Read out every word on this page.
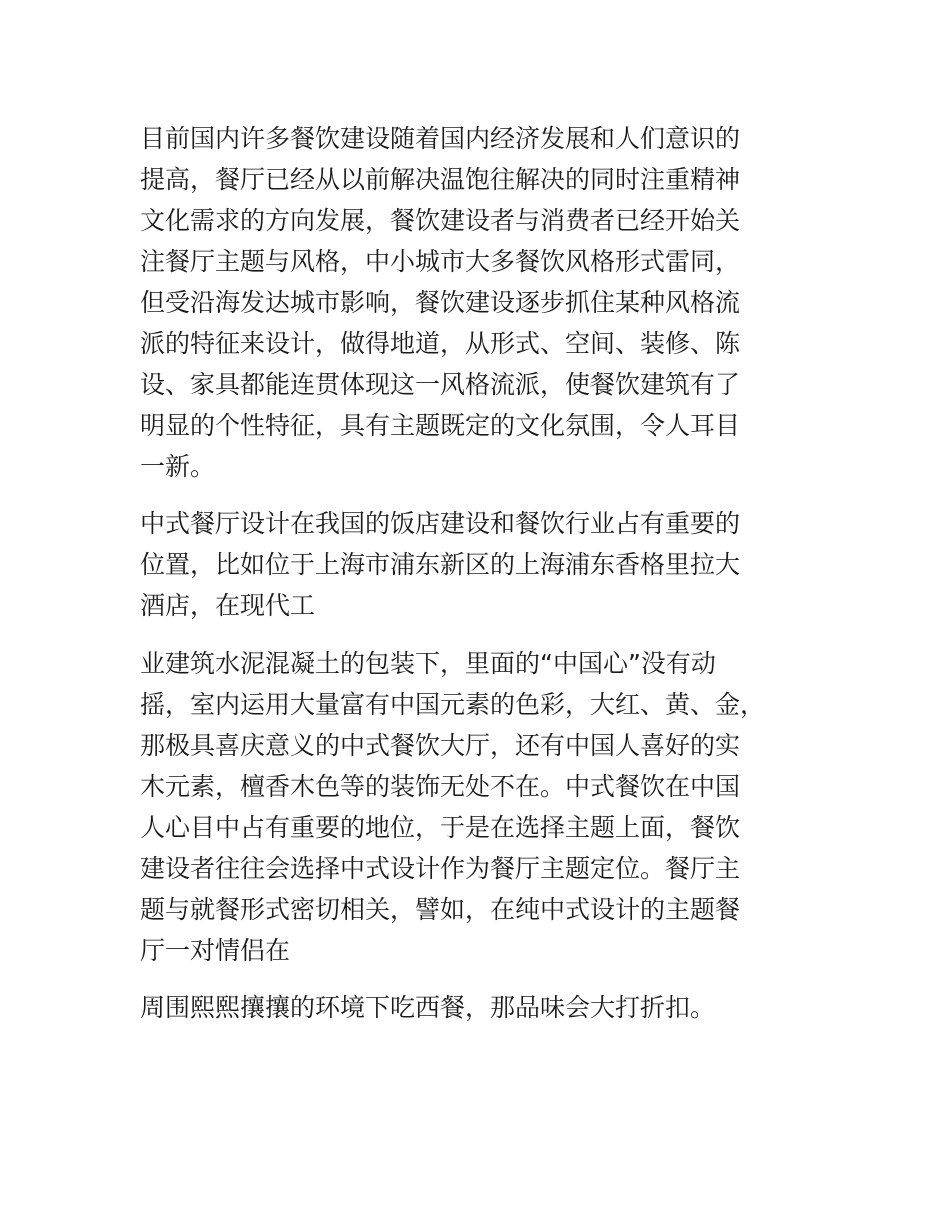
目前国内许多餐饮建设随着国内经济发展和人们意识的
提高，餐厅已经从以前解决温饱往解决的同时注重精神
文化需求的方向发展，餐饮建设者与消费者已经开始关
注餐厅主题与风格，中小城市大多餐饮风格形式雷同，
但受沿海发达城市影响，餐饮建设逐步抓住某种风格流
派的特征来设计，做得地道，从形式、空间、装修、陈
设、家具都能连贯体现这一风格流派，使餐饮建筑有了
明显的个性特征，具有主题既定的文化氛围，令人耳目
一新。
中式餐厅设计在我国的饭店建设和餐饮行业占有重要的
位置，比如位于上海市浦东新区的上海浦东香格里拉大
酒店，在现代工
业建筑水泥混凝土的包装下，里面的“中国心”没有动
摇，室内运用大量富有中国元素的色彩，大红、黄、金，
那极具喜庆意义的中式餐饮大厅，还有中国人喜好的实
木元素，檀香木色等的装饰无处不在。中式餐饮在中国
人心目中占有重要的地位，于是在选择主题上面，餐饮
建设者往往会选择中式设计作为餐厅主题定位。餐厅主
题与就餐形式密切相关，譬如，在纯中式设计的主题餐
厅一对情侣在
周围熙熙攘攘的环境下吃西餐，那品味会大打折扣。
